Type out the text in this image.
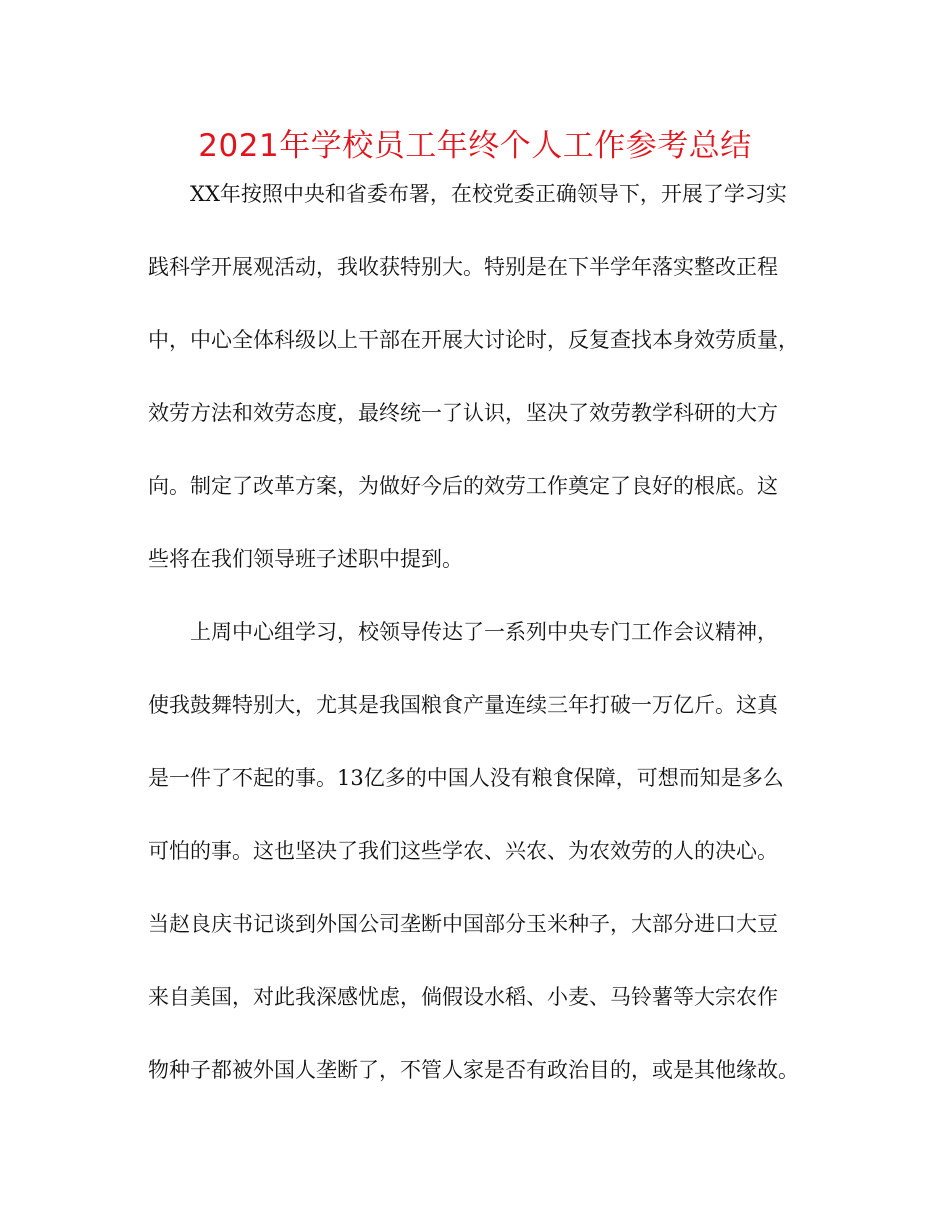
2021年学校员工年终个人工作参考总结
XX年按照中央和省委布署，在校党委正确领导下，开展了学习实
践科学开展观活动，我收获特别大。特别是在下半学年落实整改正程
中，中心全体科级以上干部在开展大讨论时，反复查找本身效劳质量，
效劳方法和效劳态度，最终统一了认识，坚决了效劳教学科研的大方
向。制定了改革方案，为做好今后的效劳工作奠定了良好的根底。这
些将在我们领导班子述职中提到。
上周中心组学习，校领导传达了一系列中央专门工作会议精神，
使我鼓舞特别大，尤其是我国粮食产量连续三年打破一万亿斤。这真
是一件了不起的事。13亿多的中国人没有粮食保障，可想而知是多么
可怕的事。这也坚决了我们这些学农、兴农、为农效劳的人的决心。
当赵良庆书记谈到外国公司垄断中国部分玉米种子，大部分进口大豆
来自美国，对此我深感忧虑，倘假设水稻、小麦、马铃薯等大宗农作
物种子都被外国人垄断了，不管人家是否有政治目的，或是其他缘故。
